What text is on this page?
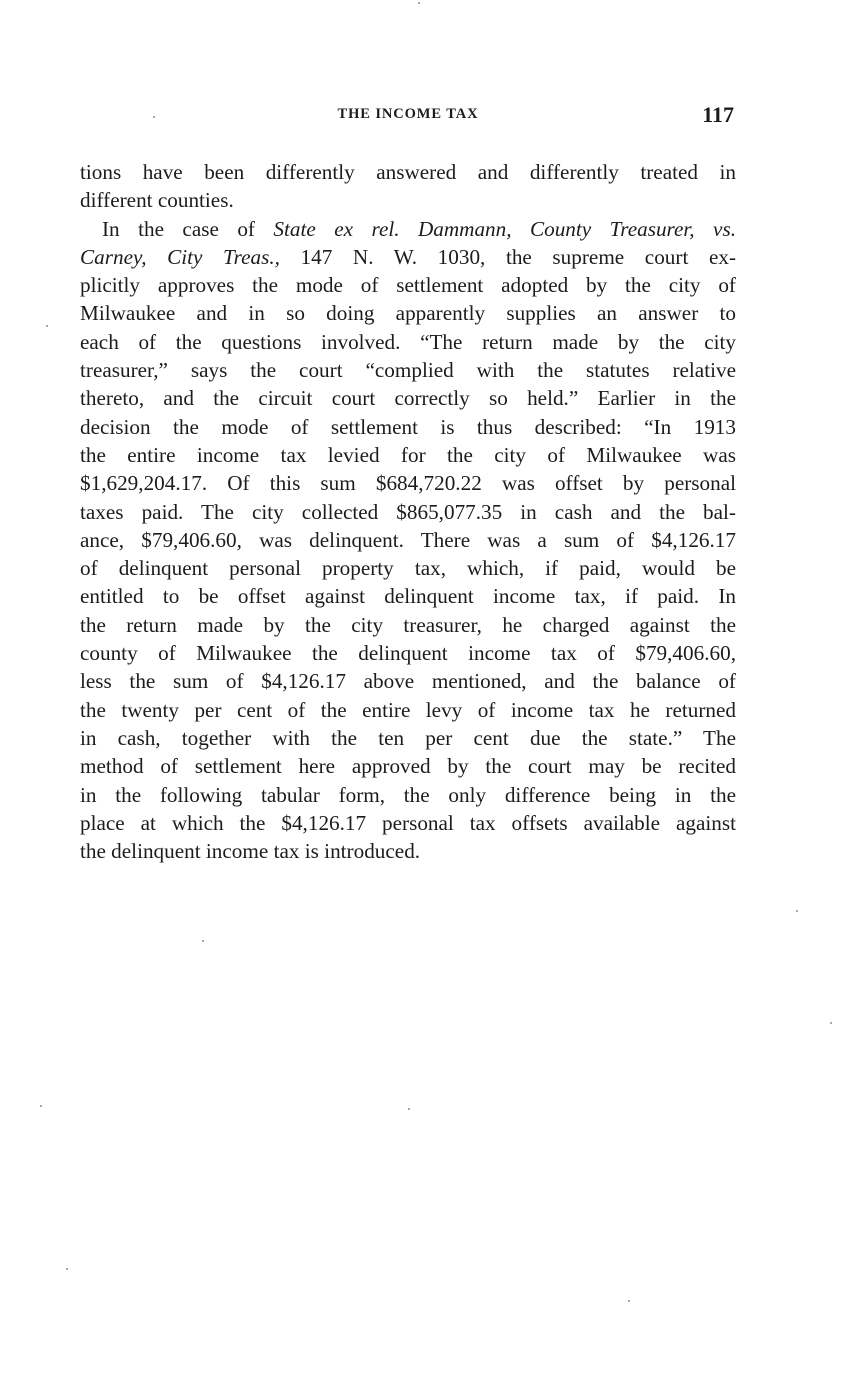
THE INCOME TAX	117
tions have been differently answered and differently treated in
different counties.
In the case of State ex rel. Dammann, County Treasurer, vs.
Carney, City Treas., 147 N. W. 1030, the supreme court ex-
plicitly approves the mode of settlement adopted by the city of
Milwaukee and in so doing apparently supplies an answer to
each of the questions involved. “The return made by the city
treasurer,” says the court “complied with the statutes relative
thereto, and the circuit court correctly so held.” Earlier in the
decision the mode of settlement is thus described: “In 1913
the entire income tax levied for the city of Milwaukee was
$1,629,204.17. Of this sum $684,720.22 was offset by personal
taxes paid. The city collected $865,077.35 in cash and the bal-
ance, $79,406.60, was delinquent. There was a sum of $4,126.17
of delinquent personal property tax, which, if paid, would be
entitled to be offset against delinquent income tax, if paid. In
the return made by the city treasurer, he charged against the
county of Milwaukee the delinquent income tax of $79,406.60,
less the sum of $4,126.17 above mentioned, and the balance of
the twenty per cent of the entire levy of income tax he returned
in cash, together with the ten per cent due the state.” The
method of settlement here approved by the court may be recited
in the following tabular form, the only difference being in the
place at which the $4,126.17 personal tax offsets available against
the delinquent income tax is introduced.
